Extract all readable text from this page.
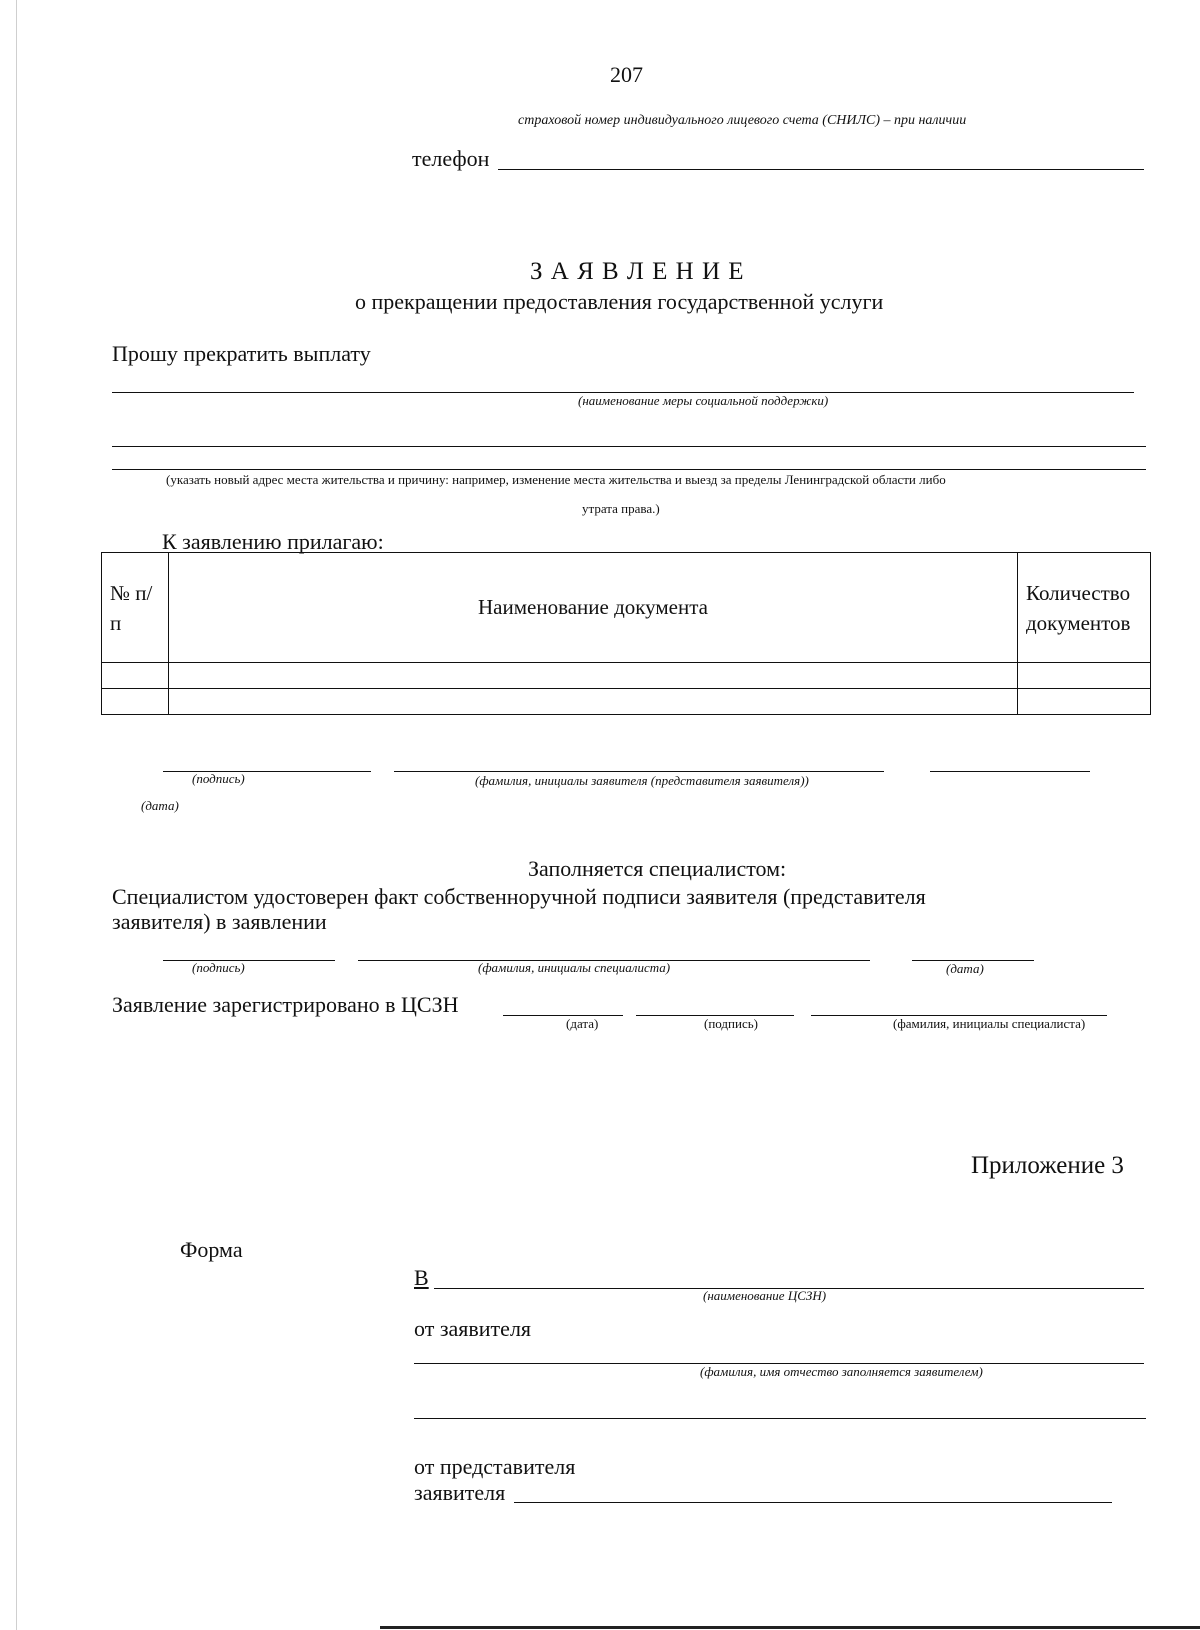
207
страховой номер индивидуального лицевого счета (СНИЛС) – при наличии
телефон
З А Я В Л Е Н И Е
о прекращении предоставления государственной услуги
Прошу прекратить выплату
(наименование меры социальной поддержки)
(указать новый адрес места жительства и причину: например, изменение места жительства и выезд за пределы Ленинградской области либо
утрата права.)
К заявлению прилагаю:
№ п/п	Наименование документа	Количество документов

(подпись)	(фамилия, инициалы заявителя (представителя заявителя))
(дата)
Заполняется специалистом:
Специалистом удостоверен факт собственноручной подписи заявителя (представителя
заявителя) в заявлении
(подпись)	(фамилия, инициалы специалиста)	(дата)
Заявление зарегистрировано в ЦСЗН
(дата)	(подпись)	(фамилия, инициалы специалиста)
Приложение 3
Форма
В
(наименование ЦСЗН)
от заявителя
(фамилия, имя отчество заполняется заявителем)
от представителя
заявителя
